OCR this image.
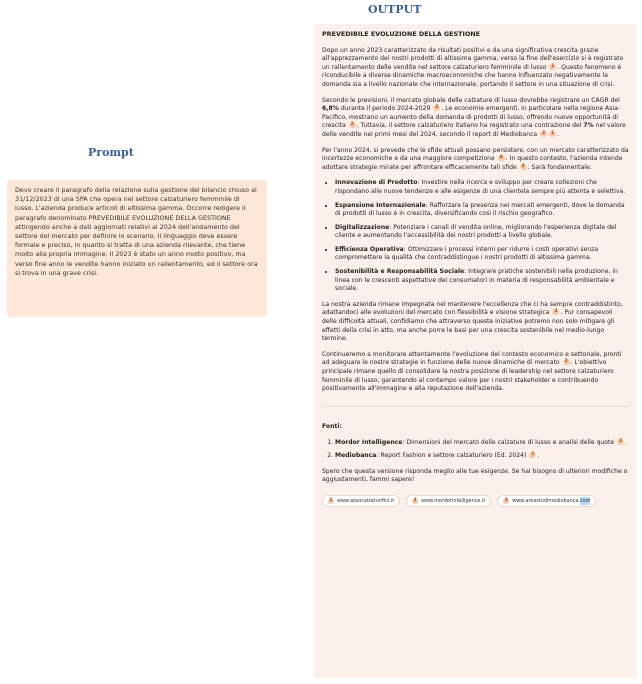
OUTPUT
Prompt
Devo creare il paragrafo della relazione sulla gestione del bilancio chiuso al 31/12/2023 di una SPA che opera nel settore calzaturiero femminile di lusso. L'azienda produce articoli di altissima gamma. Occorre redigere il paragrafo denominato PREVEDIBILE EVOLUZIONE DELLA GESTIONE attingendo anche a dati aggiornati relativi al 2024 dell'andamento del settore del mercato per definire lo scenario. Il linguaggio deve essere formale e preciso, in quanto si tratta di una azienda rilevante, che tiene molto alla propria immagine. Il 2023 è stato un anno molto positivo, ma verso fine anno le vendite hanno iniziato un rallentamento, ed il settore ora si trova in una grave crisi.
PREVEDIBILE EVOLUZIONE DELLA GESTIONE

Dopo un anno 2023 caratterizzato da risultati positivi e da una significativa crescita grazie all'apprezzamento dei nostri prodotti di altissima gamma, verso la fine dell'esercizio si è registrato un rallentamento delle vendite nel settore calzaturiero femminile di lusso 1 . Questo fenomeno è riconducibile a diverse dinamiche macroeconomiche che hanno influenzato negativamente la domanda sia a livello nazionale che internazionale, portando il settore in una situazione di crisi.

Secondo le previsioni, il mercato globale delle calzature di lusso dovrebbe registrare un CAGR del 6,8% durante il periodo 2024-2029 2 . Le economie emergenti, in particolare nella regione Asia-Pacifico, mostrano un aumento della domanda di prodotti di lusso, offrendo nuove opportunità di crescita 2 . Tuttavia, il settore calzaturiero italiano ha registrato una contrazione del 7% nel valore delle vendite nei primi mesi del 2024, secondo il report di Mediobanca 2 1 .

Per l'anno 2024, si prevede che le sfide attuali possano persistere, con un mercato caratterizzato da incertezze economiche e da una maggiore competizione 4 . In questo contesto, l'azienda intende adottare strategie mirate per affrontare efficacemente tali sfide 2 . Sarà fondamentale:

• Innovazione di Prodotto: Investire nella ricerca e sviluppo per creare collezioni che rispondano alle nuove tendenze e alle esigenze di una clientela sempre più attenta e selettiva.
• Espansione Internazionale: Rafforzare la presenza nei mercati emergenti, dove la domanda di prodotti di lusso è in crescita, diversificando così il rischio geografico.
• Digitalizzazione: Potenziare i canali di vendita online, migliorando l'esperienza digitale del cliente e aumentando l'accessibilità dei nostri prodotti a livello globale.
• Efficienza Operativa: Ottimizzare i processi interni per ridurre i costi operativi senza compromettere la qualità che contraddistingue i nostri prodotti di altissima gamma.
• Sostenibilità e Responsabilità Sociale: Integrare pratiche sostenibili nella produzione, in linea con le crescenti aspettative dei consumatori in materia di responsabilità ambientale e sociale.

La nostra azienda rimane impegnata nel mantenere l'eccellenza che ci ha sempre contraddistinto, adattandoci alle evoluzioni del mercato con flessibilità e visione strategica 2 . Pur consapevoli delle difficoltà attuali, confidiamo che attraverso queste iniziative potremo non solo mitigare gli effetti della crisi in atto, ma anche porre le basi per una crescita sostenibile nel medio-lungo termine.

Continueremo a monitorare attentamente l'evoluzione del contesto economico e settoriale, pronti ad adeguare le nostre strategie in funzione delle nuove dinamiche di mercato 2 . L'obiettivo principale rimane quello di consolidare la nostra posizione di leadership nel settore calzaturiero femminile di lusso, garantendo al contempo valore per i nostri stakeholder e contribuendo positivamente all'immagine e alla reputazione dell'azienda.

Fonti:
1. Mordor Intelligence: Dimensioni del mercato delle calzature di lusso e analisi delle quote 2 .
2. Mediobanca: Report Fashion e settore calzaturiero (Ed. 2024) 1 .

Spero che questa versione risponda meglio alle tue esigenze. Se hai bisogno di ulteriori modifiche o aggiustamenti, fammi sapere!

1 www.assocalzaturifici.it	2 www.mordorintelligence.it	3 www.areastudimediobanca. com
